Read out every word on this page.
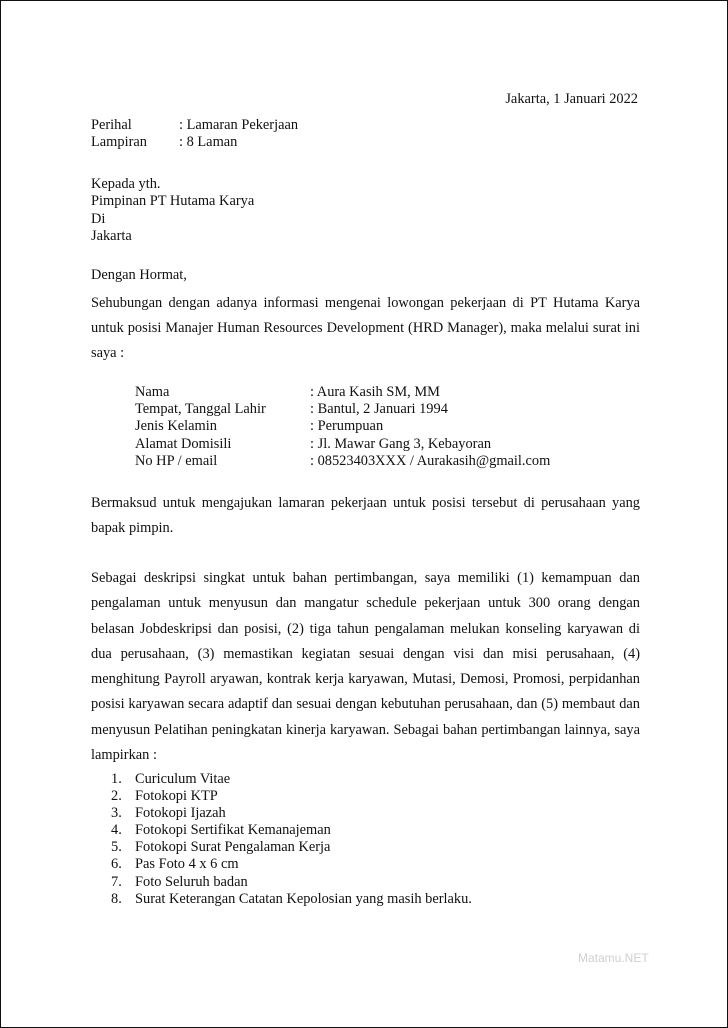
Jakarta, 1 Januari 2022
Perihal	: Lamaran Pekerjaan
Lampiran : 8 Laman
Kepada yth.
Pimpinan PT Hutama Karya
Di
Jakarta
Dengan Hormat,
Sehubungan dengan adanya informasi mengenai lowongan pekerjaan di PT Hutama Karya untuk posisi Manajer Human Resources Development (HRD Manager), maka melalui surat ini saya :
Nama	: Aura Kasih SM, MM
Tempat, Tanggal Lahir	: Bantul, 2 Januari 1994
Jenis Kelamin	: Perumpuan
Alamat Domisili	: Jl. Mawar Gang 3, Kebayoran
No HP / email	: 08523403XXX / Aurakasih@gmail.com
Bermaksud untuk mengajukan lamaran pekerjaan untuk posisi tersebut di perusahaan yang bapak pimpin.
Sebagai deskripsi singkat untuk bahan pertimbangan, saya memiliki (1) kemampuan dan pengalaman untuk menyusun dan mangatur schedule pekerjaan untuk 300 orang dengan belasan Jobdeskripsi dan posisi, (2) tiga tahun pengalaman melukan konseling karyawan di dua perusahaan, (3) memastikan kegiatan sesuai dengan visi dan misi perusahaan, (4) menghitung Payroll aryawan, kontrak kerja karyawan, Mutasi, Demosi, Promosi, perpidanhan posisi karyawan secara adaptif dan sesuai dengan kebutuhan perusahaan, dan (5) membaut dan menyusun Pelatihan peningkatan kinerja karyawan. Sebagai bahan pertimbangan lainnya, saya lampirkan :
1. Curiculum Vitae
2. Fotokopi KTP
3. Fotokopi Ijazah
4. Fotokopi Sertifikat Kemanajeman
5. Fotokopi Surat Pengalaman Kerja
6. Pas Foto 4 x 6 cm
7. Foto Seluruh badan
8. Surat Keterangan Catatan Kepolosian yang masih berlaku.
Matamu.NET
